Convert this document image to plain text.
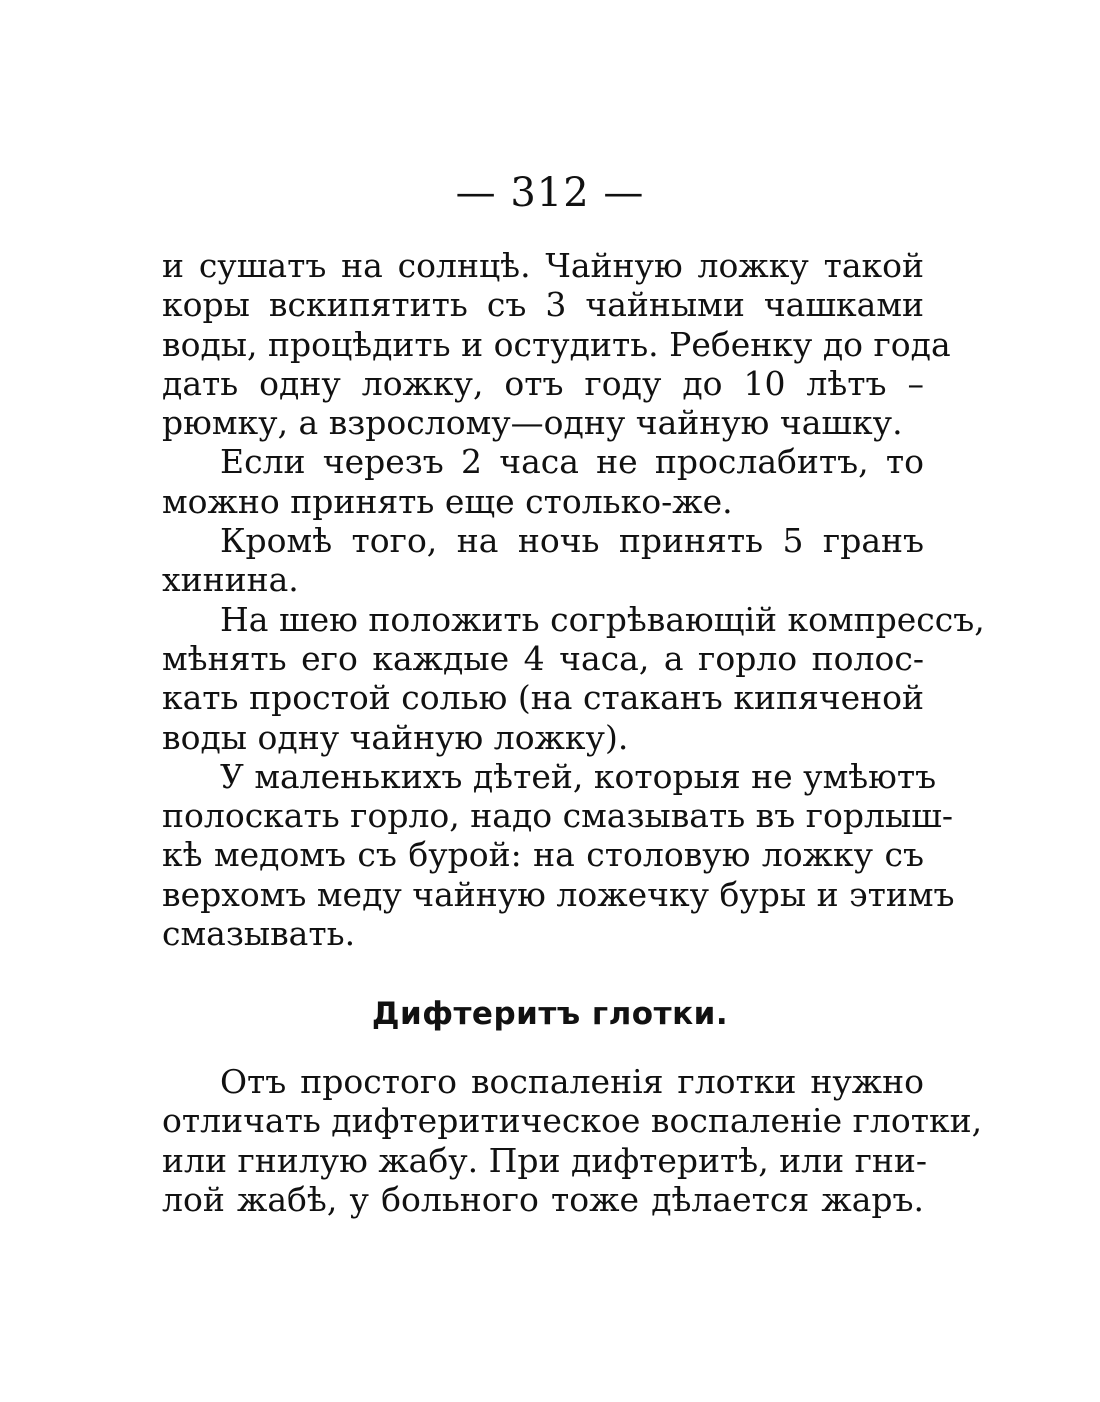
— 312 —
и сушатъ на солнцѣ. Чайную ложку такой
коры вскипятить съ 3 чайными чашками
воды, процѣдить и остудить. Ребенку до года
дать одну ложку, отъ году до 10 лѣтъ –
рюмку, а взрослому—одну чайную чашку.
Если черезъ 2 часа не прослабитъ, то
можно принять еще столько-же.
Кромѣ того, на ночь принять 5 гранъ
хинина.
На шею положить согрѣвающій компрессъ,
мѣнять его каждые 4 часа, а горло полос-
кать простой солью (на стаканъ кипяченой
воды одну чайную ложку).
У маленькихъ дѣтей, которыя не умѣютъ
полоскать горло, надо смазывать въ горлыш-
кѣ медомъ съ бурой: на столовую ложку съ
верхомъ меду чайную ложечку буры и этимъ
смазывать.
Дифтеритъ глотки.
Отъ простого воспаленія глотки нужно
отличать дифтеритическое воспаленіе глотки,
или гнилую жабу. При дифтеритѣ, или гни-
лой жабѣ, у больного тоже дѣлается жаръ.
